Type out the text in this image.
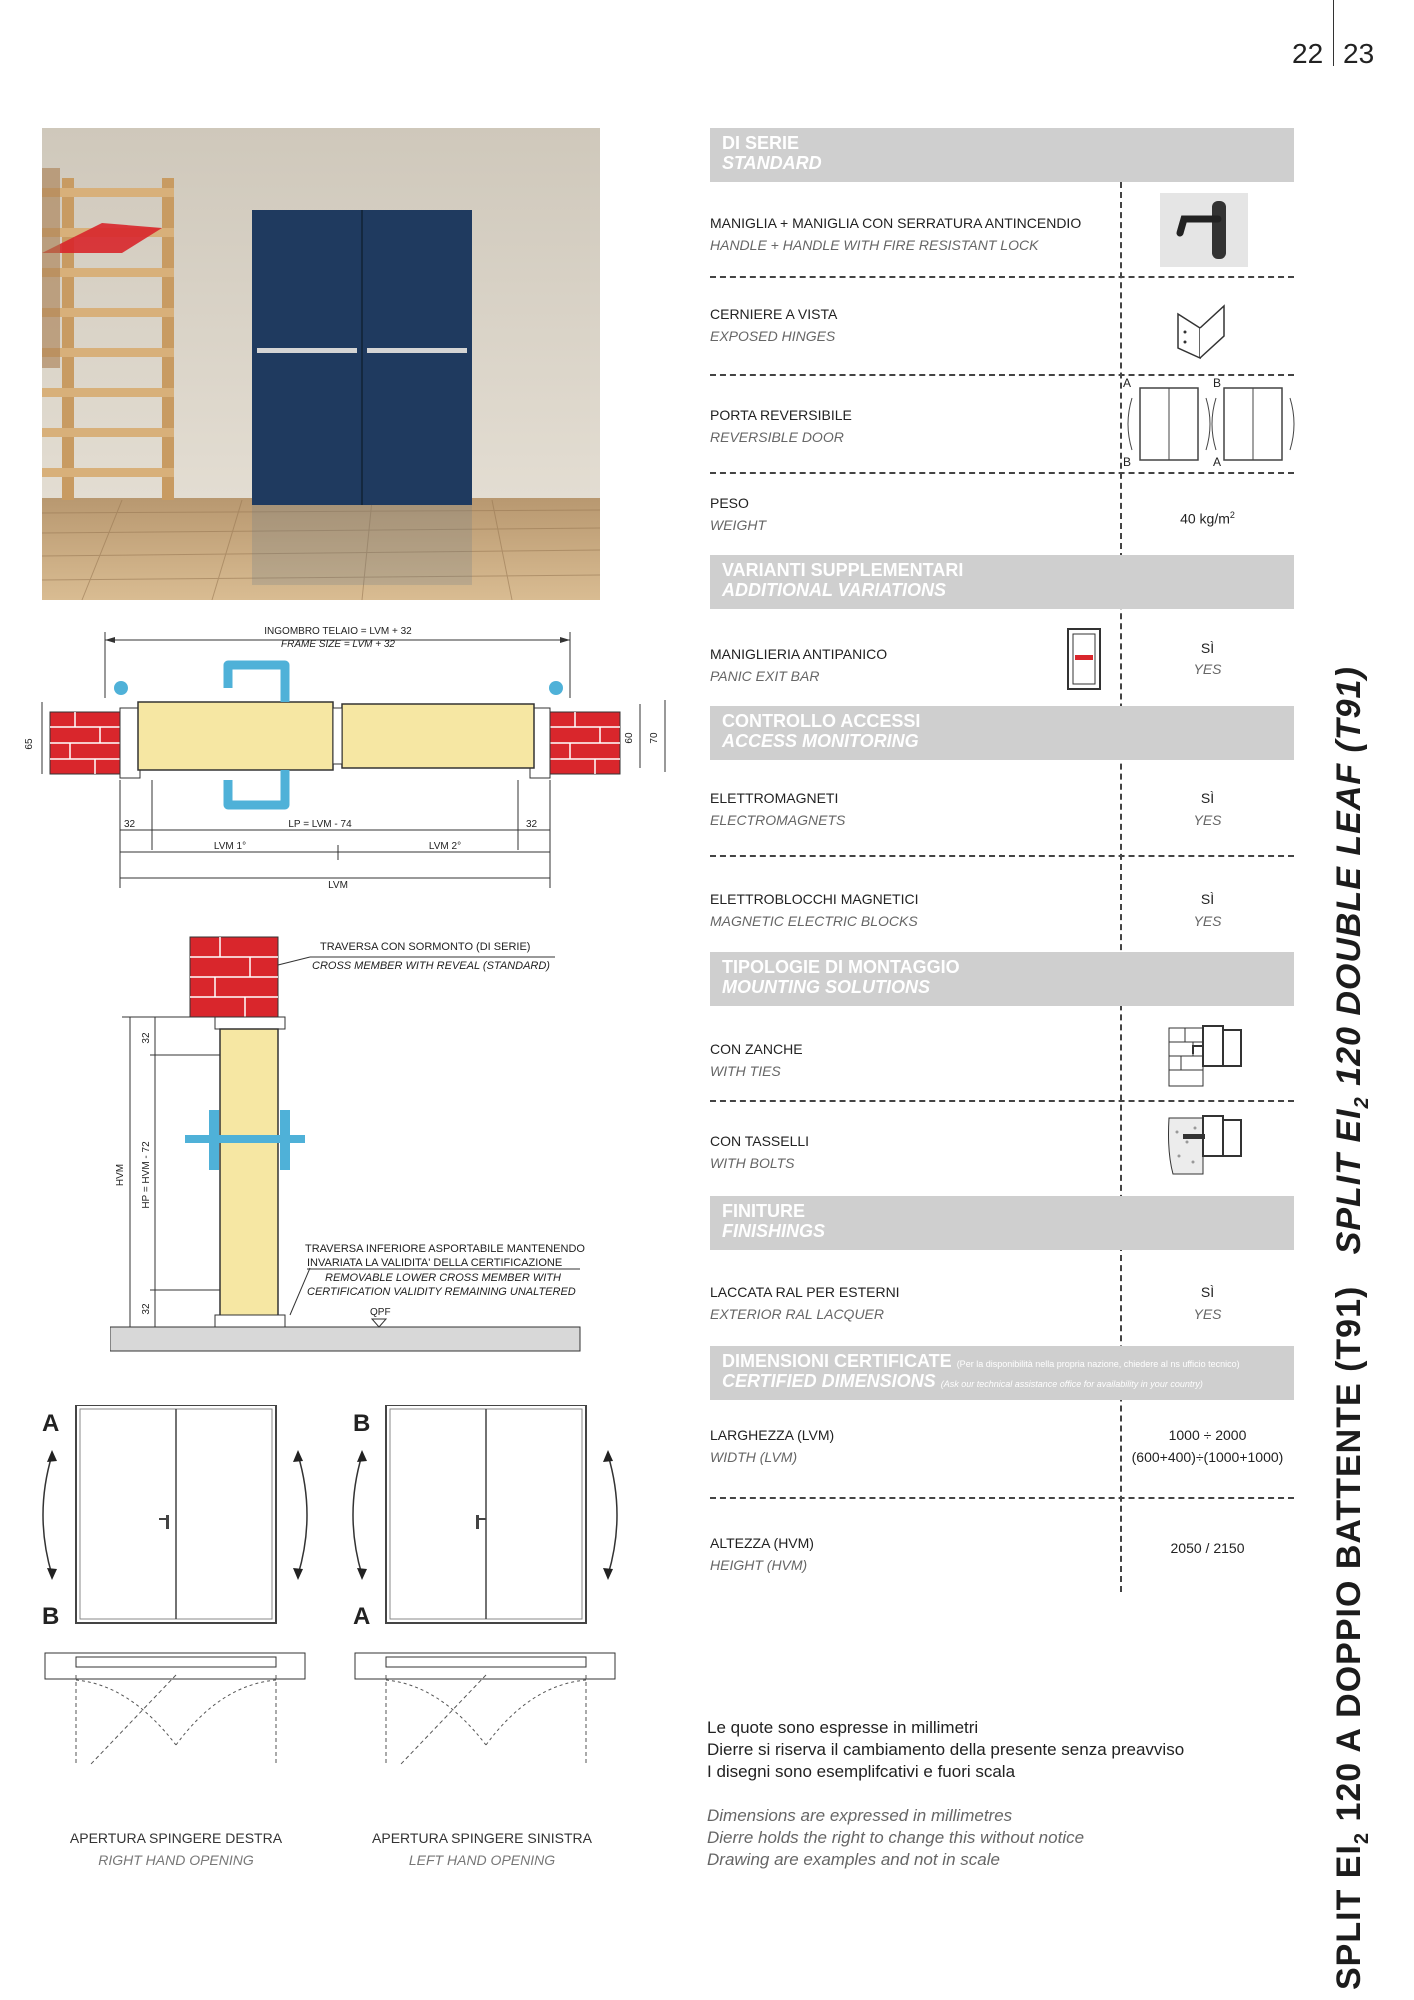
22 23
INGOMBRO TELAIO = LVM + 32
FRAME SIZE = LVM + 32
65
60 70
32	32
LP = LVM - 74
LVM 1°	LVM 2°
LVM
HVM HP = HVM - 72
32
32
TRAVERSA CON SORMONTO (DI SERIE)
CROSS MEMBER WITH REVEAL (STANDARD)
TRAVERSA INFERIORE ASPORTABILE MANTENENDO
INVARIATA LA VALIDITA' DELLA CERTIFICAZIONE
REMOVABLE LOWER CROSS MEMBER WITH
CERTIFICATION VALIDITY REMAINING UNALTERED
QPF
A
B
B
A
APERTURA SPINGERE DESTRA
RIGHT HAND OPENING
APERTURA SPINGERE SINISTRA
LEFT HAND OPENING
DI SERIE
STANDARD
MANIGLIA + MANIGLIA CON SERRATURA ANTINCENDIO
HANDLE + HANDLE WITH FIRE RESISTANT LOCK
CERNIERE A VISTA
EXPOSED HINGES
PORTA REVERSIBILE
REVERSIBLE DOOR
A
B
B
A
PESO
WEIGHT	40 $kg/m^2$
VARIANTI SUPPLEMENTARI
ADDITIONAL VARIATIONS
MANIGLIERIA ANTIPANICO
PANIC EXIT BAR
SÌ
YES
CONTROLLO ACCESSI
ACCESS MONITORING
ELETTROMAGNETI
ELECTROMAGNETS
SÌ
YES
ELETTROBLOCCHI MAGNETICI
MAGNETIC ELECTRIC BLOCKS
SÌ
YES
TIPOLOGIE DI MONTAGGIO
MOUNTING SOLUTIONS
CON ZANCHE
WITH TIES
CON TASSELLI
WITH BOLTS
FINITURE
FINISHINGS
LACCATA RAL PER ESTERNI
EXTERIOR RAL LACQUER
SÌ
YES
DIMENSIONI CERTIFICATE (Per la disponibilità nella propria nazione, chiedere al ns ufficio tecnico)
CERTIFIED DIMENSIONS (Ask our technical assistance office for availability in your country)
LARGHEZZA (LVM)
WIDTH (LVM)
1000 ÷ 2000
(600+400)÷(1000+1000)
ALTEZZA (HVM)
HEIGHT (HVM)
2050 / 2150
Le quote sono espresse in millimetri
Dierre si riserva il cambiamento della presente senza preavviso
I disegni sono esemplifcativi e fuori scala
Dimensions are expressed in millimetres
Dierre holds the right to change this without notice
Drawing are examples and not in scale	SPLIT $EI_2$ 120 A DOPPIO BATTENTE (T91)   SPLIT $EI_2$ 120 DOUBLE LEAF (T91)
